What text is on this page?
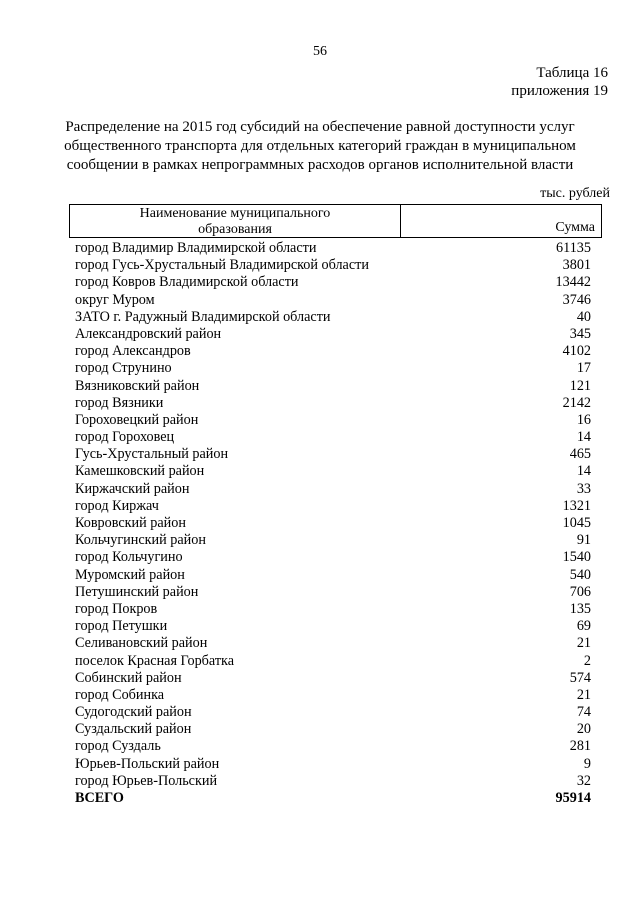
56
Таблица 16
приложения 19
Распределение на 2015 год субсидий на обеспечение равной доступности услуг
общественного транспорта для отдельных категорий граждан в муниципальном
сообщении в рамках непрограммных расходов органов исполнительной власти
тыс. рублей
Наименование муниципального
образования	Сумма
город Владимир Владимирской области	61135
город Гусь-Хрустальный Владимирской области	3801
город Ковров Владимирской области	13442
округ Муром	3746
ЗАТО г. Радужный Владимирской области	40
Александровский район	345
город Александров	4102
город Струнино	17
Вязниковский район	121
город Вязники	2142
Гороховецкий район	16
город Гороховец	14
Гусь-Хрустальный район	465
Камешковский район	14
Киржачский район	33
город Киржач	1321
Ковровский район	1045
Кольчугинский район	91
город Кольчугино	1540
Муромский район	540
Петушинский район	706
город Покров	135
город Петушки	69
Селивановский район	21
поселок Красная Горбатка	2
Собинский район	574
город Собинка	21
Судогодский район	74
Суздальский район	20
город Суздаль	281
Юрьев-Польский район	9
город Юрьев-Польский	32
ВСЕГО	95914
